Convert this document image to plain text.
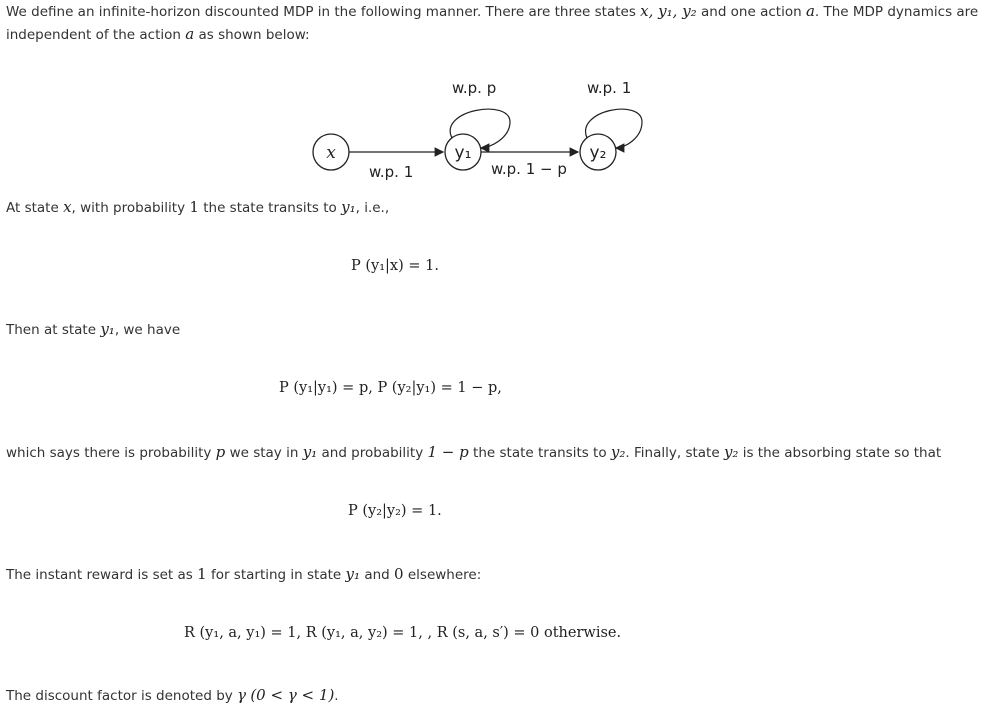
We define an infinite-horizon discounted MDP in the following manner. There are three states x, y₁, y₂ and one action a. The MDP dynamics are
independent of the action a as shown below:
w.p. p	w.p. 1
x	y₁	y₂
w.p. 1	w.p. 1 − p
At state x, with probability 1 the state transits to y₁, i.e.,
P (y₁|x) = 1.
Then at state y₁, we have
P (y₁|y₁) = p, P (y₂|y₁) = 1 − p,
which says there is probability p we stay in y₁ and probability 1 − p the state transits to y₂. Finally, state y₂ is the absorbing state so that
P (y₂|y₂) = 1.
The instant reward is set as 1 for starting in state y₁ and 0 elsewhere:
R (y₁, a, y₁) = 1, R (y₁, a, y₂) = 1, , R (s, a, s′) = 0 otherwise.
The discount factor is denoted by γ (0 < γ < 1).
